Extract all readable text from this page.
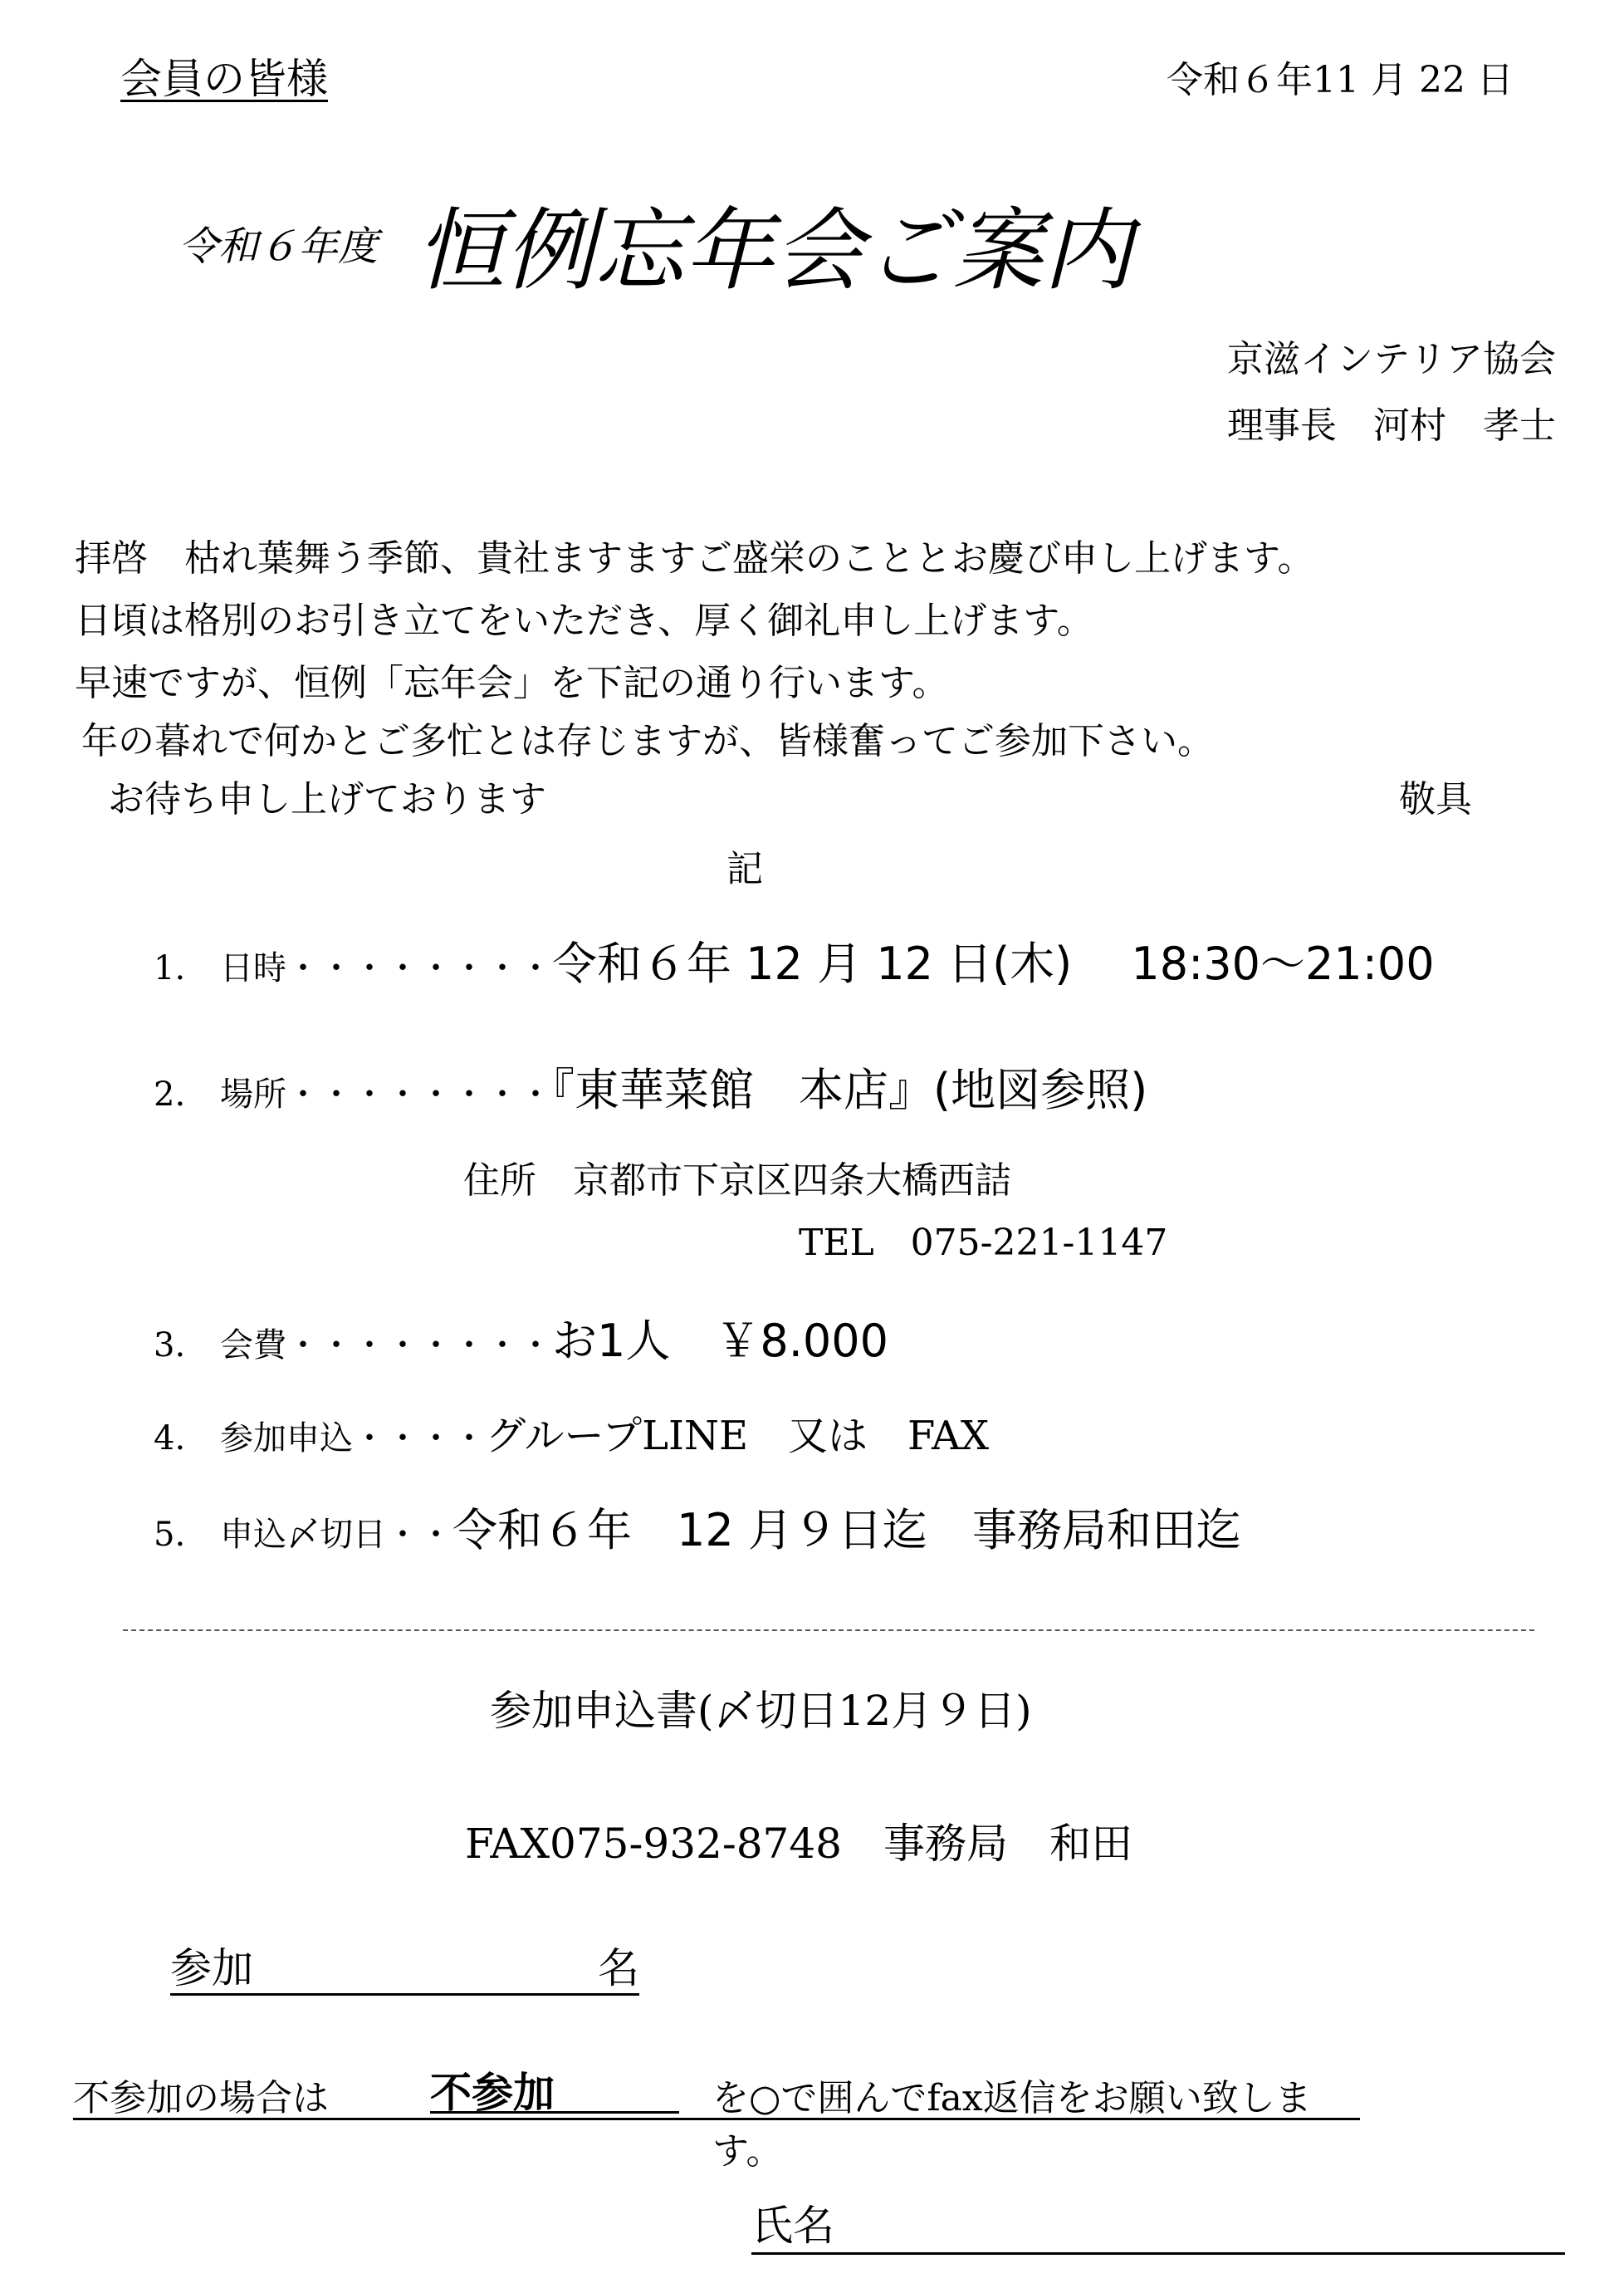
会員の皆様	令和６年11 月 22 日
令和６年度 恒例忘年会ご案内
京滋インテリア協会
理事長　河村　孝士
拝啓　枯れ葉舞う季節、貴社ますますご盛栄のこととお慶び申し上げます。
日頃は格別のお引き立てをいただき、厚く御礼申し上げます。
早速ですが、恒例「忘年会」を下記の通り行います。
年の暮れで何かとご多忙とは存じますが、皆様奮ってご参加下さい。
お待ち申し上げております	敬具
記
1. 日時・・・・・・・・令和６年 12 月 12 日(木)　 18:30～21:00
2. 場所・・・・・・・・『東華菜館　本店』(地図参照)
住所　京都市下京区四条大橋西詰
TEL　075-221-1147
3. 会費・・・・・・・・お1人　￥8.000
4. 参加申込・・・・グループLINE　又は　FAX
5. 申込〆切日・・令和６年　12 月９日迄　事務局和田迄
参加申込書(〆切日12月９日)
FAX075-932-8748　事務局　和田
参加	名
不参加の場合は 不参加	を○で囲んでfax返信をお願い致します。
氏名
